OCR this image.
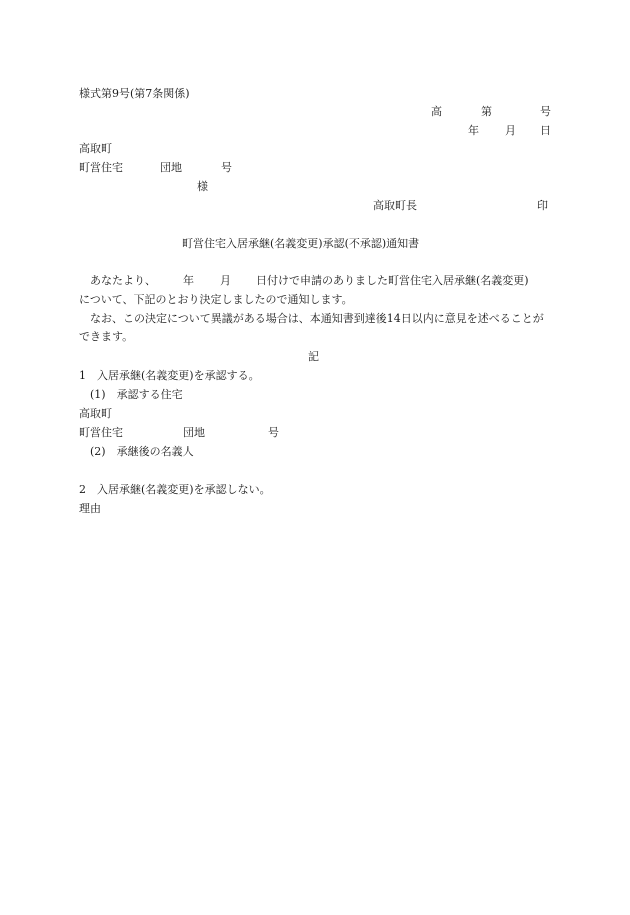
様式第9号(第7条関係)
高	第	号
年 月 日
高取町
町営住宅	団地	号
様
高取町長	印
町営住宅入居承継(名義変更)承認(不承認)通知書
あなたより、 年 月 日付けで申請のありました町営住宅入居承継(名義変更)
について、下記のとおり決定しましたので通知します。
なお、この決定について異議がある場合は、本通知書到達後14日以内に意見を述べることができます。
記
1　入居承継(名義変更)を承認する。
(1)　承認する住宅
高取町
町営住宅	団地	号
(2)　承継後の名義人
2　入居承継(名義変更)を承認しない。
理由
